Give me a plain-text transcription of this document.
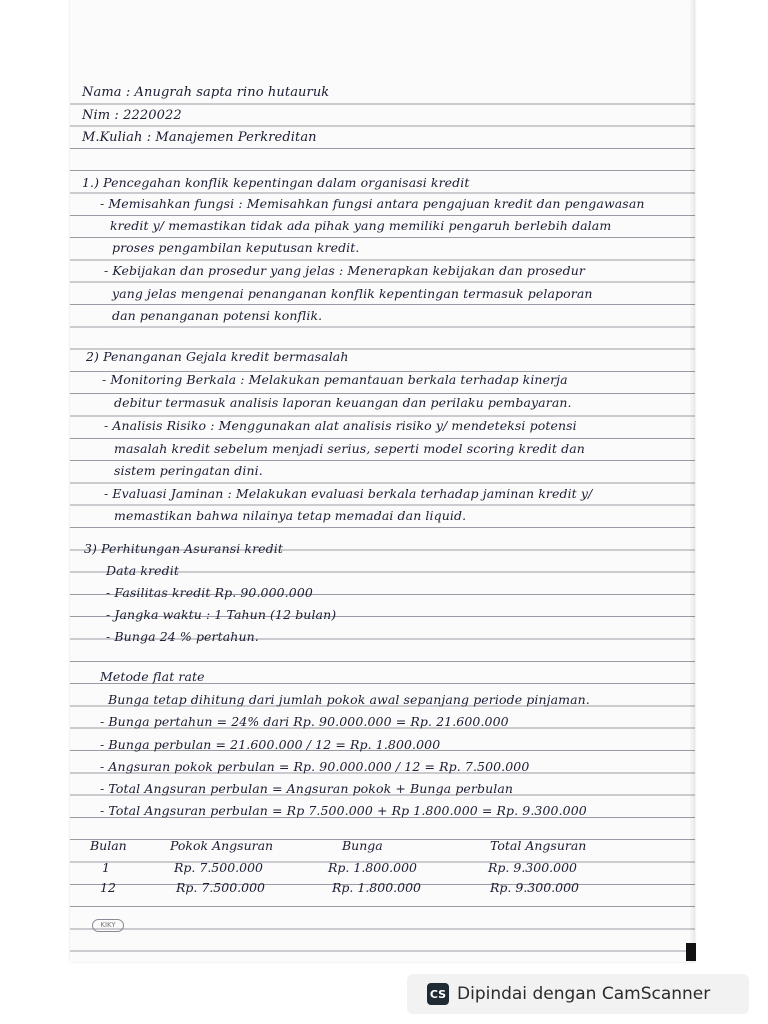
Nama : Anugrah sapta rino hutauruk
Nim : 2220022
M.Kuliah : Manajemen Perkreditan
1.) Pencegahan konflik kepentingan dalam organisasi kredit
- Memisahkan fungsi : Memisahkan fungsi antara pengajuan kredit dan pengawasan
kredit y/ memastikan tidak ada pihak yang memiliki pengaruh berlebih dalam
proses pengambilan keputusan kredit.
- Kebijakan dan prosedur yang jelas : Menerapkan kebijakan dan prosedur
yang jelas mengenai penanganan konflik kepentingan termasuk pelaporan
dan penanganan potensi konflik.
2) Penanganan Gejala kredit bermasalah
- Monitoring Berkala : Melakukan pemantauan berkala terhadap kinerja
debitur termasuk analisis laporan keuangan dan perilaku pembayaran.
- Analisis Risiko : Menggunakan alat analisis risiko y/ mendeteksi potensi
masalah kredit sebelum menjadi serius, seperti model scoring kredit dan
sistem peringatan dini.
- Evaluasi Jaminan : Melakukan evaluasi berkala terhadap jaminan kredit y/
memastikan bahwa nilainya tetap memadai dan liquid.
3) Perhitungan Asuransi kredit
Data kredit
- Fasilitas kredit Rp. 90.000.000
- Jangka waktu : 1 Tahun (12 bulan)
- Bunga 24 % pertahun.
Metode flat rate
Bunga tetap dihitung dari jumlah pokok awal sepanjang periode pinjaman.
- Bunga pertahun = 24% dari Rp. 90.000.000 = Rp. 21.600.000
- Bunga perbulan = 21.600.000 / 12 = Rp. 1.800.000
- Angsuran pokok perbulan = Rp. 90.000.000 / 12 = Rp. 7.500.000
- Total Angsuran perbulan = Angsuran pokok + Bunga perbulan
- Total Angsuran perbulan = Rp 7.500.000 + Rp 1.800.000 = Rp. 9.300.000
Bulan	Pokok Angsuran	Bunga	Total Angsuran
1	Rp. 7.500.000	Rp. 1.800.000	Rp. 9.300.000
12	Rp. 7.500.000	Rp. 1.800.000	Rp. 9.300.000
KIKY
CS Dipindai dengan CamScanner
